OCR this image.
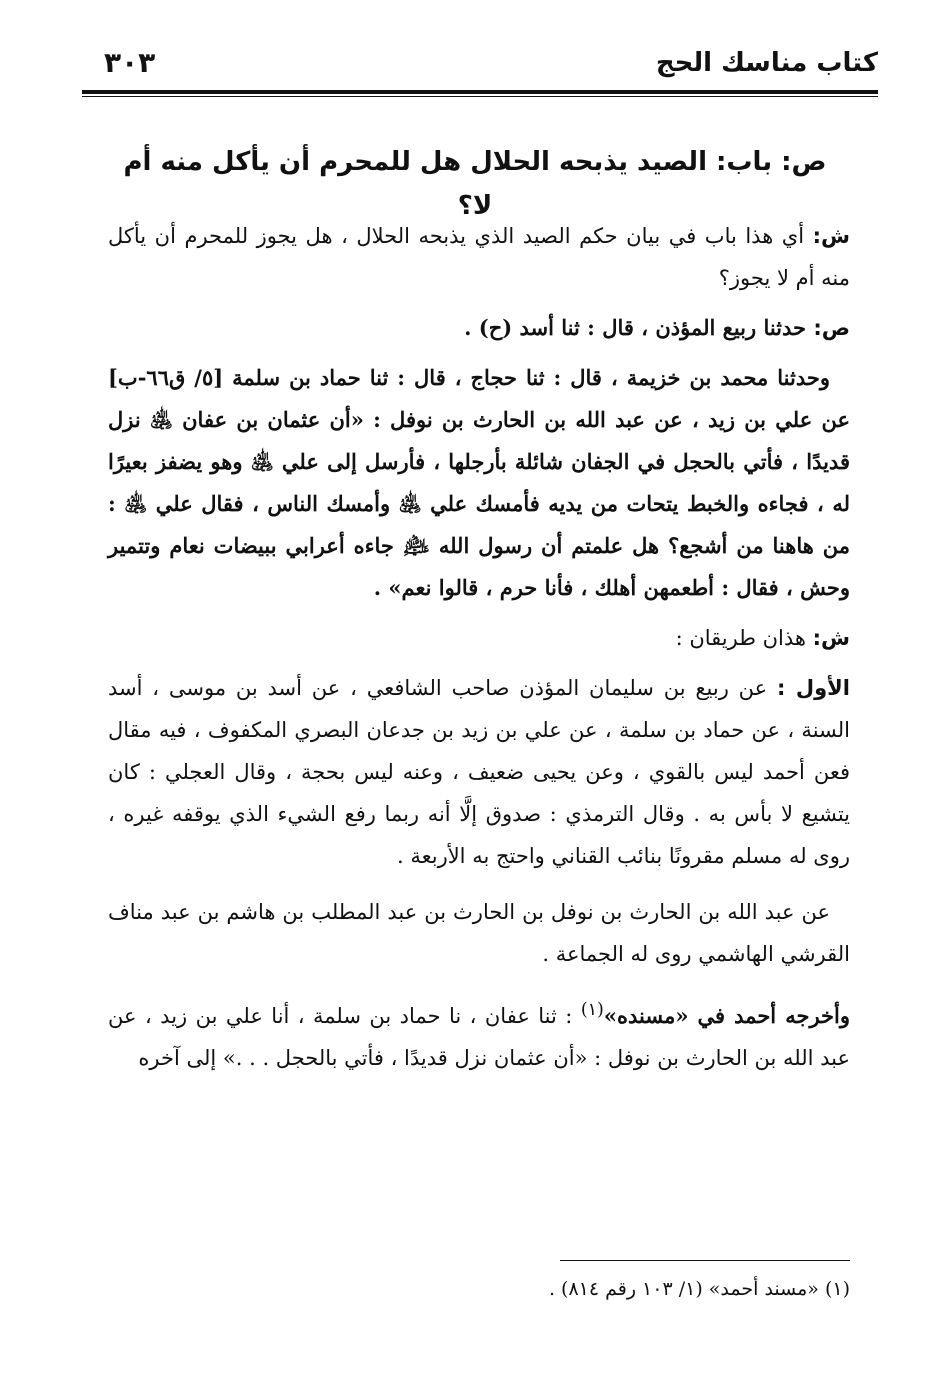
كتاب مناسك الحج
٣٠٣
ص: باب: الصيد يذبحه الحلال هل للمحرم أن يأكل منه أم لا؟

ش: أي هذا باب في بيان حكم الصيد الذي يذبحه الحلال ، هل يجوز للمحرم أن يأكل منه أم لا يجوز؟

ص: حدثنا ربيع المؤذن ، قال : ثنا أسد (ح) .

وحدثنا محمد بن خزيمة ، قال : ثنا حجاج ، قال : ثنا حماد بن سلمة [٥/ ق٦٦-ب] عن علي بن زيد ، عن عبد الله بن الحارث بن نوفل : «أن عثمان بن عفان ﵁ نزل قديدًا ، فأتي بالحجل في الجفان شائلة بأرجلها ، فأرسل إلى علي ﵁ وهو يضفز بعيرًا له ، فجاءه والخبط يتحات من يديه فأمسك علي ﵁ وأمسك الناس ، فقال علي ﵁ : من هاهنا من أشجع؟ هل علمتم أن رسول الله ﵇ جاءه أعرابي ببيضات نعام وتتمير وحش ، فقال : أطعمهن أهلك ، فأنا حرم ، قالوا نعم» .

ش: هذان طريقان :

الأول : عن ربيع بن سليمان المؤذن صاحب الشافعي ، عن أسد بن موسى ، أسد السنة ، عن حماد بن سلمة ، عن علي بن زيد بن جدعان البصري المكفوف ، فيه مقال فعن أحمد ليس بالقوي ، وعن يحيى ضعيف ، وعنه ليس بحجة ، وقال العجلي : كان يتشيع لا بأس به . وقال الترمذي : صدوق إلَّا أنه ربما رفع الشيء الذي يوقفه غيره ، روى له مسلم مقرونًا بنائب القناني واحتج به الأربعة .

عن عبد الله بن الحارث بن نوفل بن الحارث بن عبد المطلب بن هاشم بن عبد مناف القرشي الهاشمي روى له الجماعة .

وأخرجه أحمد في «مسنده»$^{(١)}$ : ثنا عفان ، نا حماد بن سلمة ، أنا علي بن زيد ، عن عبد الله بن الحارث بن نوفل : «أن عثمان نزل قديدًا ، فأتي بالحجل . . .» إلى آخره

(١) «مسند أحمد» (١/ ١٠٣ رقم ٨١٤) .
